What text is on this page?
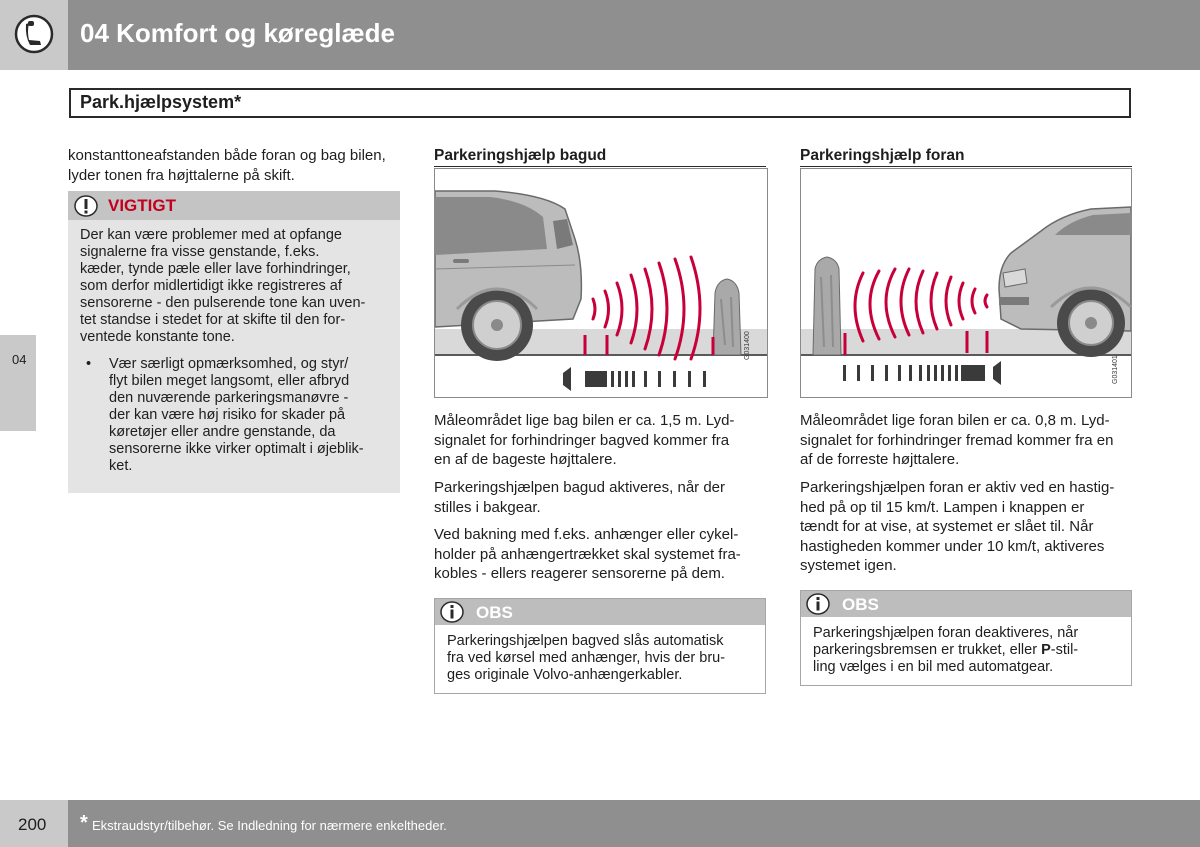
04 Komfort og køreglæde
Park.hjælpsystem*
04
konstanttoneafstanden både foran og bag bilen, lyder tonen fra højttalerne på skift.
VIGTIGT
Der kan være problemer med at opfange
signalerne fra visse genstande, f.eks.
kæder, tynde pæle eller lave forhindringer,
som derfor midlertidigt ikke registreres af
sensorerne - den pulserende tone kan uven-
tet standse i stedet for at skifte til den for-
ventede konstante tone.
• Vær særligt opmærksomhed, og styr/
flyt bilen meget langsomt, eller afbryd
den nuværende parkeringsmanøvre -
der kan være høj risiko for skader på
køretøjer eller andre genstande, da
sensorerne ikke virker optimalt i øjeblik-
ket.
Parkeringshjælp bagud
G031400
Måleområdet lige bag bilen er ca. 1,5 m. Lyd-
signalet for forhindringer bagved kommer fra
en af de bageste højttalere.
Parkeringshjælpen bagud aktiveres, når der
stilles i bakgear.
Ved bakning med f.eks. anhænger eller cykel-
holder på anhængertrækket skal systemet fra-
kobles - ellers reagerer sensorerne på dem.
OBS
Parkeringshjælpen bagved slås automatisk
fra ved kørsel med anhænger, hvis der bru-
ges originale Volvo-anhængerkabler.
Parkeringshjælp foran
G031401
Måleområdet lige foran bilen er ca. 0,8 m. Lyd-
signalet for forhindringer fremad kommer fra en
af de forreste højttalere.
Parkeringshjælpen foran er aktiv ved en hastig-
hed på op til 15 km/t. Lampen i knappen er
tændt for at vise, at systemet er slået til. Når
hastigheden kommer under 10 km/t, aktiveres
systemet igen.
OBS
Parkeringshjælpen foran deaktiveres, når
parkeringsbremsen er trukket, eller P-stil-
ling vælges i en bil med automatgear.
200 * Ekstraudstyr/tilbehør. Se Indledning for nærmere enkeltheder.
